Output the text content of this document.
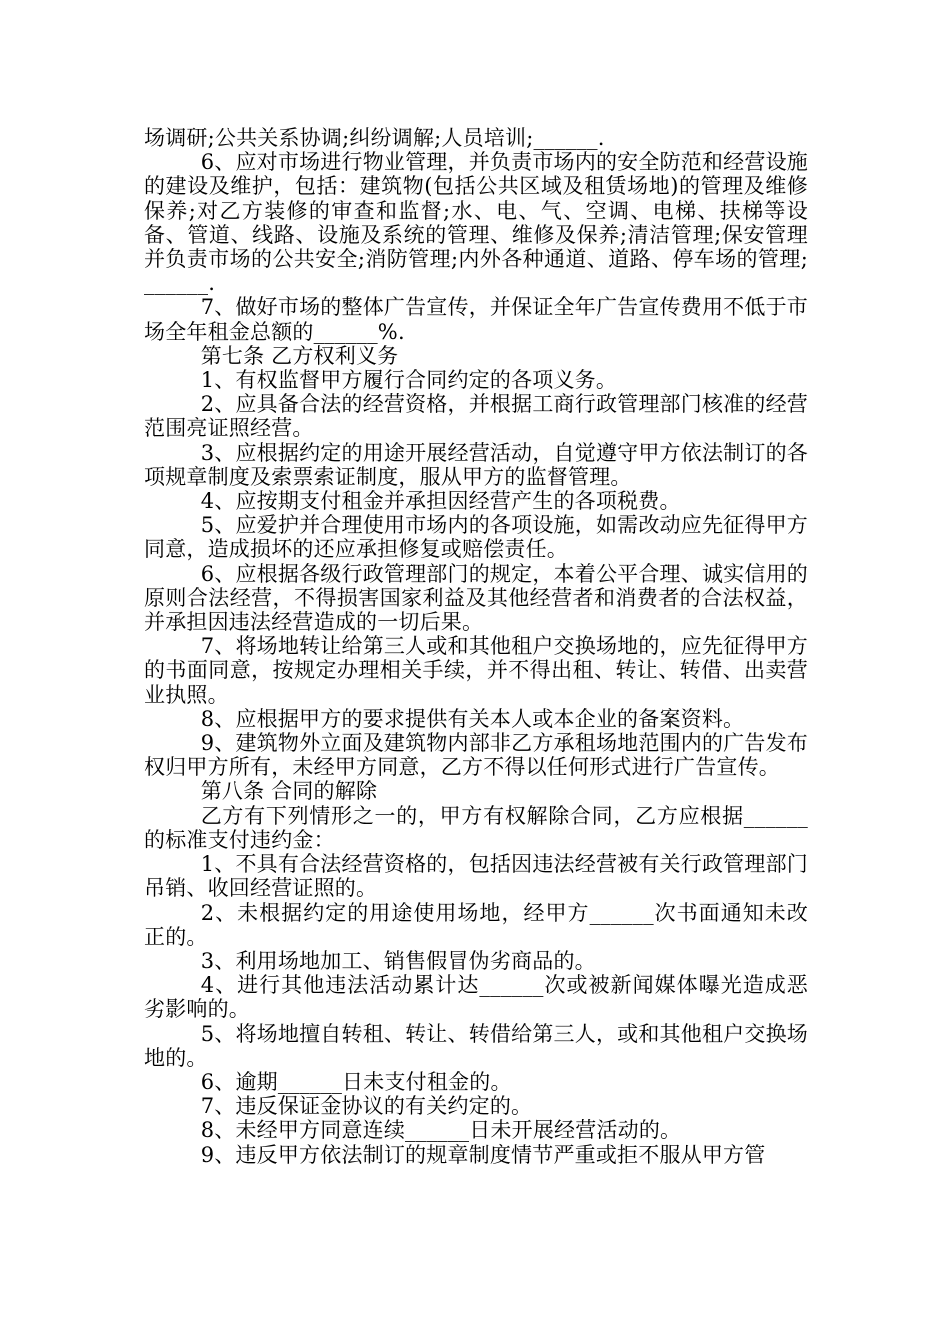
场调研;公共关系协调;纠纷调解;人员培训;______.

6、应对市场进行物业管理，并负责市场内的安全防范和经营设施的建设及维护，包括：建筑物(包括公共区域及租赁场地)的管理及维修保养;对乙方装修的审查和监督;水、电、气、空调、电梯、扶梯等设备、管道、线路、设施及系统的管理、维修及保养;清洁管理;保安管理并负责市场的公共安全;消防管理;内外各种通道、道路、停车场的管理;______.

7、做好市场的整体广告宣传，并保证全年广告宣传费用不低于市场全年租金总额的______%.

第七条 乙方权利义务

1、有权监督甲方履行合同约定的各项义务。

2、应具备合法的经营资格，并根据工商行政管理部门核准的经营范围亮证照经营。

3、应根据约定的用途开展经营活动，自觉遵守甲方依法制订的各项规章制度及索票索证制度，服从甲方的监督管理。

4、应按期支付租金并承担因经营产生的各项税费。

5、应爱护并合理使用市场内的各项设施，如需改动应先征得甲方同意，造成损坏的还应承担修复或赔偿责任。

6、应根据各级行政管理部门的规定，本着公平合理、诚实信用的原则合法经营，不得损害国家利益及其他经营者和消费者的合法权益，并承担因违法经营造成的一切后果。

7、将场地转让给第三人或和其他租户交换场地的，应先征得甲方的书面同意，按规定办理相关手续，并不得出租、转让、转借、出卖营业执照。

8、应根据甲方的要求提供有关本人或本企业的备案资料。

9、建筑物外立面及建筑物内部非乙方承租场地范围内的广告发布权归甲方所有，未经甲方同意，乙方不得以任何形式进行广告宣传。

第八条 合同的解除

乙方有下列情形之一的，甲方有权解除合同，乙方应根据______的标准支付违约金：

1、不具有合法经营资格的，包括因违法经营被有关行政管理部门吊销、收回经营证照的。

2、未根据约定的用途使用场地，经甲方______次书面通知未改正的。

3、利用场地加工、销售假冒伪劣商品的。

4、进行其他违法活动累计达______次或被新闻媒体曝光造成恶劣影响的。

5、将场地擅自转租、转让、转借给第三人，或和其他租户交换场地的。

6、逾期______日未支付租金的。

7、违反保证金协议的有关约定的。

8、未经甲方同意连续______日未开展经营活动的。

9、违反甲方依法制订的规章制度情节严重或拒不服从甲方管
